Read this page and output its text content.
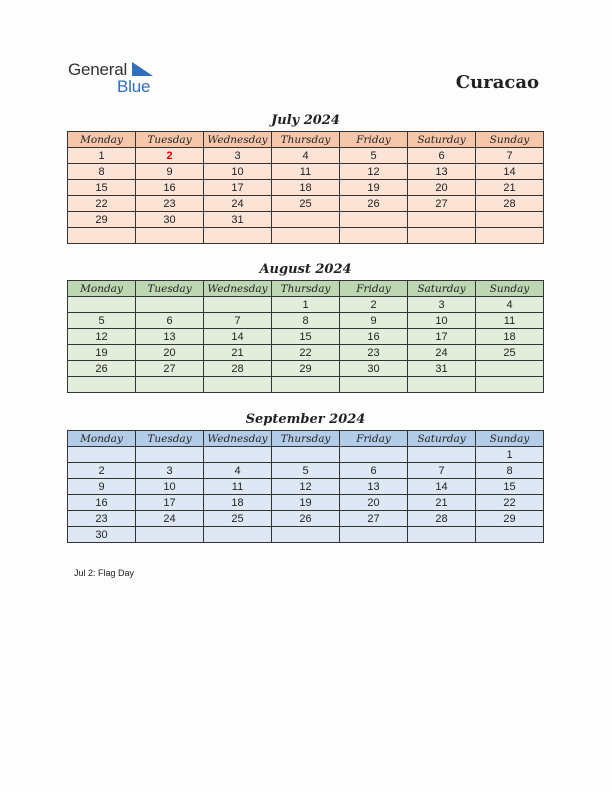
General
Blue	Curacao
July 2024
Monday	Tuesday	Wednesday	Thursday	Friday	Saturday	Sunday
1	2	3	4	5	6	7
8	9	10	11	12	13	14
15	16	17	18	19	20	21
22	23	24	25	26	27	28
29	30	31				

August 2024
Monday	Tuesday	Wednesday	Thursday	Friday	Saturday	Sunday
			1	2	3	4
5	6	7	8	9	10	11
12	13	14	15	16	17	18
19	20	21	22	23	24	25
26	27	28	29	30	31	

September 2024
Monday	Tuesday	Wednesday	Thursday	Friday	Saturday	Sunday
						1
2	3	4	5	6	7	8
9	10	11	12	13	14	15
16	17	18	19	20	21	22
23	24	25	26	27	28	29
30						
Jul 2: Flag Day
